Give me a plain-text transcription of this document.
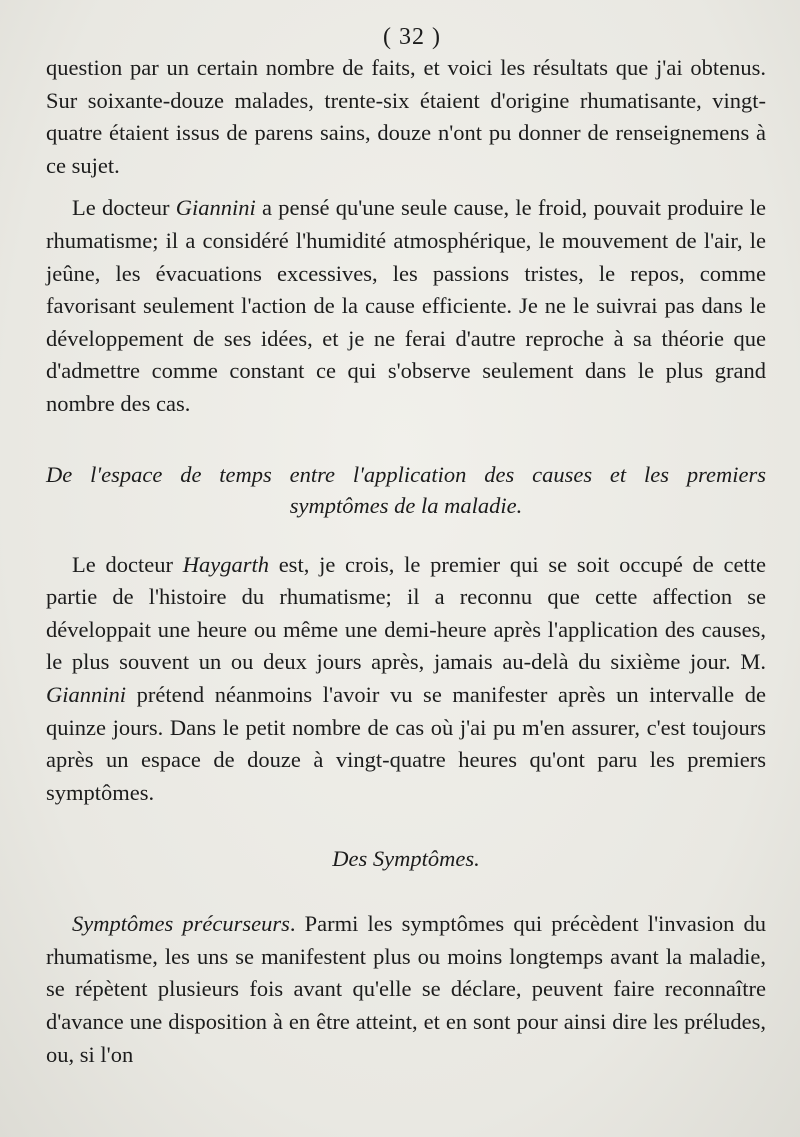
( 32 )

question par un certain nombre de faits, et voici les résultats que j'ai obtenus. Sur soixante-douze malades, trente-six étaient d'origine rhumatisante, vingt-quatre étaient issus de parens sains, douze n'ont pu donner de renseignemens à ce sujet.

Le docteur Giannini a pensé qu'une seule cause, le froid, pouvait produire le rhumatisme; il a considéré l'humidité atmosphérique, le mouvement de l'air, le jeûne, les évacuations excessives, les passions tristes, le repos, comme favorisant seulement l'action de la cause efficiente. Je ne le suivrai pas dans le développement de ses idées, et je ne ferai d'autre reproche à sa théorie que d'admettre comme constant ce qui s'observe seulement dans le plus grand nombre des cas.

De l'espace de temps entre l'application des causes et les premiers
symptômes de la maladie.

Le docteur Haygarth est, je crois, le premier qui se soit occupé de cette partie de l'histoire du rhumatisme; il a reconnu que cette affection se développait une heure ou même une demi-heure après l'application des causes, le plus souvent un ou deux jours après, jamais au-delà du sixième jour. M. Giannini prétend néanmoins l'avoir vu se manifester après un intervalle de quinze jours. Dans le petit nombre de cas où j'ai pu m'en assurer, c'est toujours après un espace de douze à vingt-quatre heures qu'ont paru les premiers symptômes.

Des Symptômes.

Symptômes précurseurs. Parmi les symptômes qui précèdent l'invasion du rhumatisme, les uns se manifestent plus ou moins longtemps avant la maladie, se répètent plusieurs fois avant qu'elle se déclare, peuvent faire reconnaître d'avance une disposition à en être atteint, et en sont pour ainsi dire les préludes, ou, si l'on
